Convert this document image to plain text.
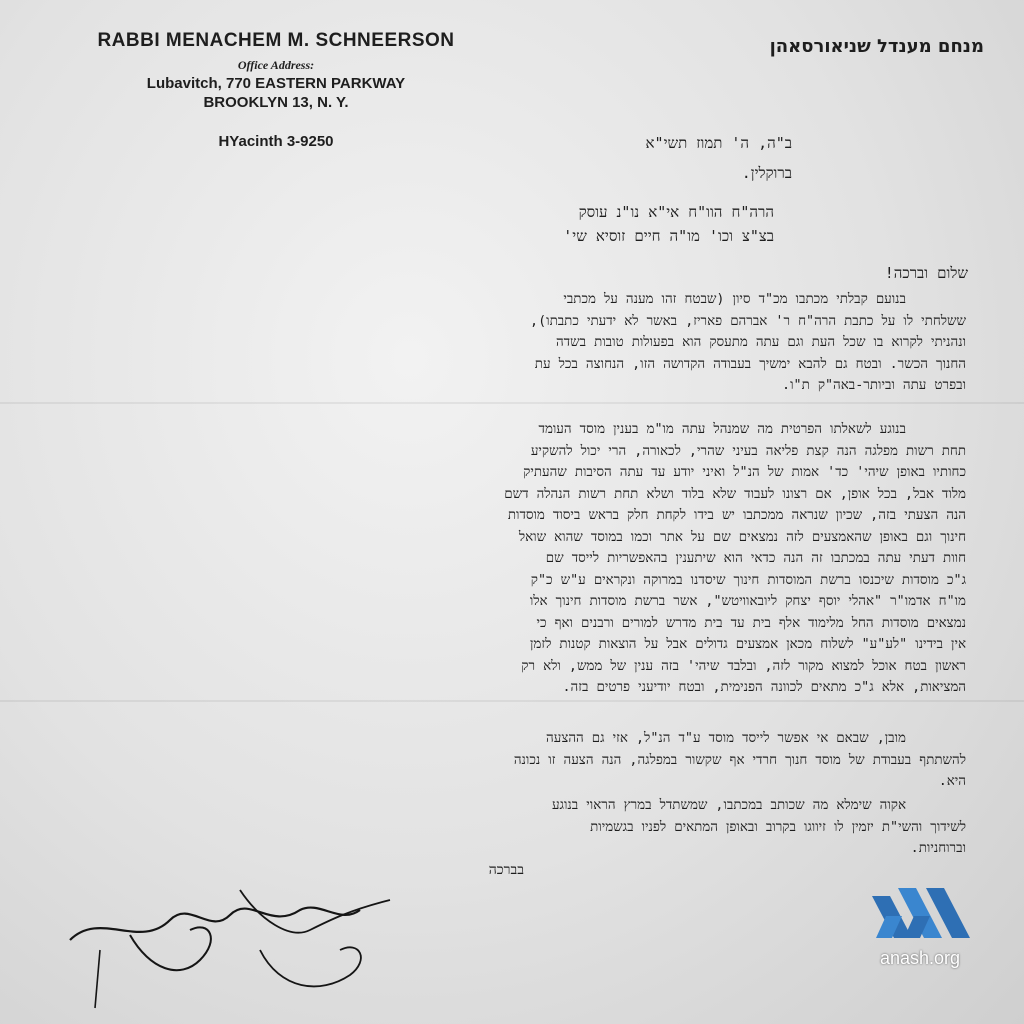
RABBI MENACHEM M. SCHNEERSON
Office Address:
Lubavitch, 770 EASTERN PARKWAY
BROOKLYN 13, N. Y.
HYacinth 3-9250
מנחם מענדל שניאורסאהן
ב"ה, ה' תמוז תשי"א
ברוקלין.
הרה"ח הוו"ח אי"א נו"נ עוסק
בצ"צ וכו' מו"ה חיים זוסיא שי'
שלום וברכה!
בנועם קבלתי מכתבו מכ"ד סיון (שבטח זהו מענה על מכתבי
ששלחתי לו על כתבת הרה"ח ר' אברהם פאריז, באשר לא ידעתי כתבתו),
ונהניתי לקרוא בו שכל העת וגם עתה מתעסק הוא בפעולות טובות בשדה
החנוך הכשר. ובטח גם להבא ימשיך בעבודה הקדושה הזו, הנחוצה בכל עת
ובפרט עתה וביותר-באה"ק ת"ו.
בנוגע לשאלתו הפרטית מה שמנהל עתה מו"מ בענין מוסד העומד
תחת רשות מפלגה הנה קצת פליאה בעיני שהרי, לכאורה, הרי יכול להשקיע
כחותיו באופן שיהי' כד' אמות של הנ"ל ואיני יודע עד עתה הסיבות שהעתיק
מלוד אבל, בכל אופן, אם רצונו לעבוד שלא בלוד ושלא תחת רשות הנהלה דשם
הנה הצעתי בזה, שכיון שנראה ממכתבו יש בידו לקחת חלק בראש ביסוד מוסדות
חינוך וגם באופן שהאמצעים לזה נמצאים שם על אתר וכמו במוסד שהוא שואל
חוות דעתי עתה במכתבו זה הנה כדאי הוא שיתענין בהאפשריות לייסד שם
ג"כ מוסדות שיכנסו ברשת המוסדות חינוך שיסדנו במרוקה ונקראים ע"ש כ"ק
מו"ח אדמו"ר "אהלי יוסף יצחק ליובאוויטש", אשר ברשת מוסדות חינוך אלו
נמצאים מוסדות החל מלימוד אלף בית עד בית מדרש למורים ורבנים ואף כי
אין בידינו "לע"ע" לשלוח מכאן אמצעים גדולים אבל על הוצאות קטנות לזמן
ראשון בטח אוכל למצוא מקור לזה, ובלבד שיהי' בזה ענין של ממש, ולא רק
המציאות, אלא ג"כ מתאים לכוונה הפנימית, ובטח יודיעני פרטים בזה.
מובן, שבאם אי אפשר לייסד מוסד ע"ד הנ"ל, אזי גם ההצעה
להשתתף בעבודת של מוסד חנוך חרדי אף שקשור במפלגה, הנה הצעה זו נכונה
היא.
אקוה שימלא מה שכותב במכתבו, שמשתדל במרץ הראוי בנוגע
לשידוך והשי"ת יזמין לו זיווגו בקרוב ובאופן המתאים לפניו בגשמיות
וברוחניות.
בברכה
anash.org
